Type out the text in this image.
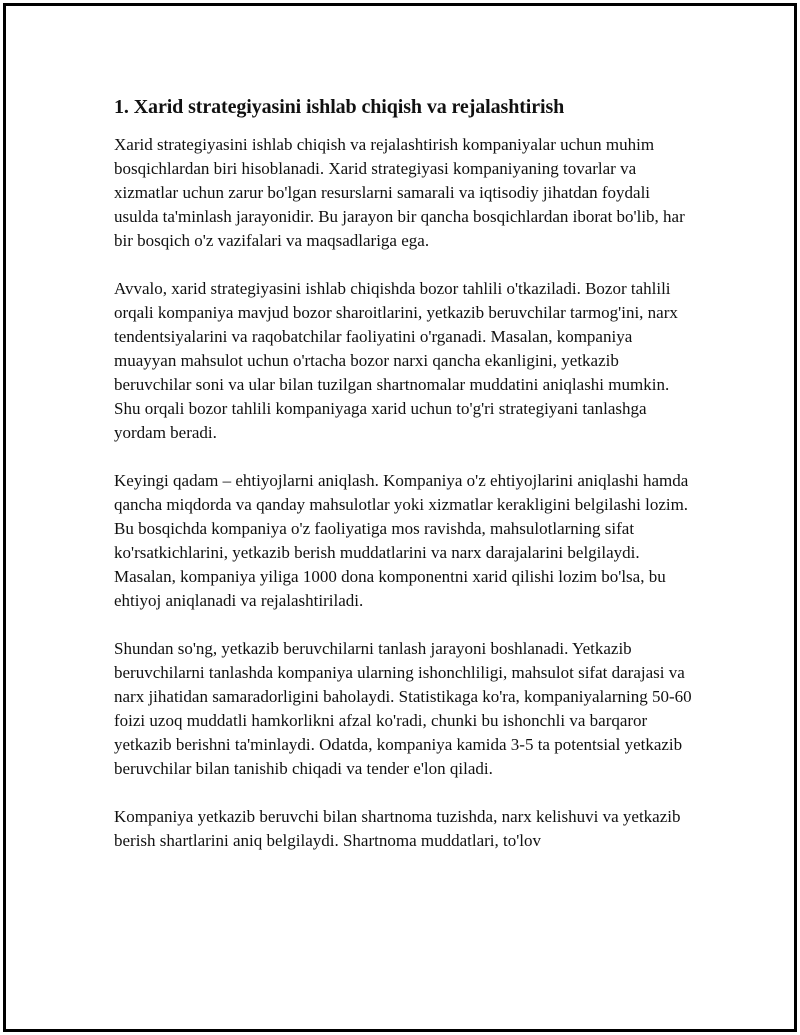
1. Xarid strategiyasini ishlab chiqish va rejalashtirish

Xarid strategiyasini ishlab chiqish va rejalashtirish kompaniyalar uchun muhim bosqichlardan biri hisoblanadi. Xarid strategiyasi kompaniyaning tovarlar va xizmatlar uchun zarur bo'lgan resurslarni samarali va iqtisodiy jihatdan foydali usulda ta'minlash jarayonidir. Bu jarayon bir qancha bosqichlardan iborat bo'lib, har bir bosqich o'z vazifalari va maqsadlariga ega.

Avvalo, xarid strategiyasini ishlab chiqishda bozor tahlili o'tkaziladi. Bozor tahlili orqali kompaniya mavjud bozor sharoitlarini, yetkazib beruvchilar tarmog'ini, narx tendentsiyalarini va raqobatchilar faoliyatini o'rganadi. Masalan, kompaniya muayyan mahsulot uchun o'rtacha bozor narxi qancha ekanligini, yetkazib beruvchilar soni va ular bilan tuzilgan shartnomalar muddatini aniqlashi mumkin. Shu orqali bozor tahlili kompaniyaga xarid uchun to'g'ri strategiyani tanlashga yordam beradi.

Keyingi qadam – ehtiyojlarni aniqlash. Kompaniya o'z ehtiyojlarini aniqlashi hamda qancha miqdorda va qanday mahsulotlar yoki xizmatlar kerakligini belgilashi lozim. Bu bosqichda kompaniya o'z faoliyatiga mos ravishda, mahsulotlarning sifat ko'rsatkichlarini, yetkazib berish muddatlarini va narx darajalarini belgilaydi. Masalan, kompaniya yiliga 1000 dona komponentni xarid qilishi lozim bo'lsa, bu ehtiyoj aniqlanadi va rejalashtiriladi.

Shundan so'ng, yetkazib beruvchilarni tanlash jarayoni boshlanadi. Yetkazib beruvchilarni tanlashda kompaniya ularning ishonchliligi, mahsulot sifat darajasi va narx jihatidan samaradorligini baholaydi. Statistikaga ko'ra, kompaniyalarning 50-60 foizi uzoq muddatli hamkorlikni afzal ko'radi, chunki bu ishonchli va barqaror yetkazib berishni ta'minlaydi. Odatda, kompaniya kamida 3-5 ta potentsial yetkazib beruvchilar bilan tanishib chiqadi va tender e'lon qiladi.

Kompaniya yetkazib beruvchi bilan shartnoma tuzishda, narx kelishuvi va yetkazib berish shartlarini aniq belgilaydi. Shartnoma muddatlari, to'lov
